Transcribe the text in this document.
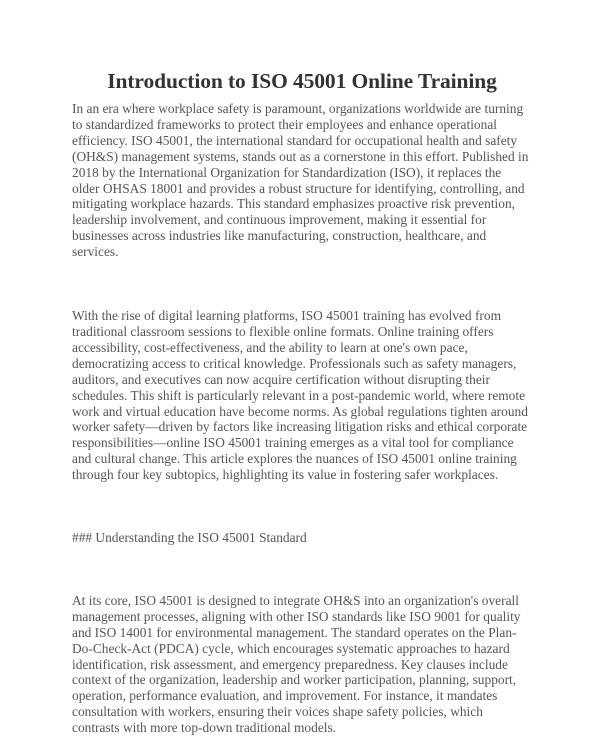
Introduction to ISO 45001 Online Training

In an era where workplace safety is paramount, organizations worldwide are turning to standardized frameworks to protect their employees and enhance operational efficiency. ISO 45001, the international standard for occupational health and safety (OH&S) management systems, stands out as a cornerstone in this effort. Published in 2018 by the International Organization for Standardization (ISO), it replaces the older OHSAS 18001 and provides a robust structure for identifying, controlling, and mitigating workplace hazards. This standard emphasizes proactive risk prevention, leadership involvement, and continuous improvement, making it essential for businesses across industries like manufacturing, construction, healthcare, and services.

With the rise of digital learning platforms, ISO 45001 training has evolved from traditional classroom sessions to flexible online formats. Online training offers accessibility, cost-effectiveness, and the ability to learn at one's own pace, democratizing access to critical knowledge. Professionals such as safety managers, auditors, and executives can now acquire certification without disrupting their schedules. This shift is particularly relevant in a post-pandemic world, where remote work and virtual education have become norms. As global regulations tighten around worker safety—driven by factors like increasing litigation risks and ethical corporate responsibilities—online ISO 45001 training emerges as a vital tool for compliance and cultural change. This article explores the nuances of ISO 45001 online training through four key subtopics, highlighting its value in fostering safer workplaces.

### Understanding the ISO 45001 Standard

At its core, ISO 45001 is designed to integrate OH&S into an organization's overall management processes, aligning with other ISO standards like ISO 9001 for quality and ISO 14001 for environmental management. The standard operates on the Plan-Do-Check-Act (PDCA) cycle, which encourages systematic approaches to hazard identification, risk assessment, and emergency preparedness. Key clauses include context of the organization, leadership and worker participation, planning, support, operation, performance evaluation, and improvement. For instance, it mandates consultation with workers, ensuring their voices shape safety policies, which contrasts with more top-down traditional models.
